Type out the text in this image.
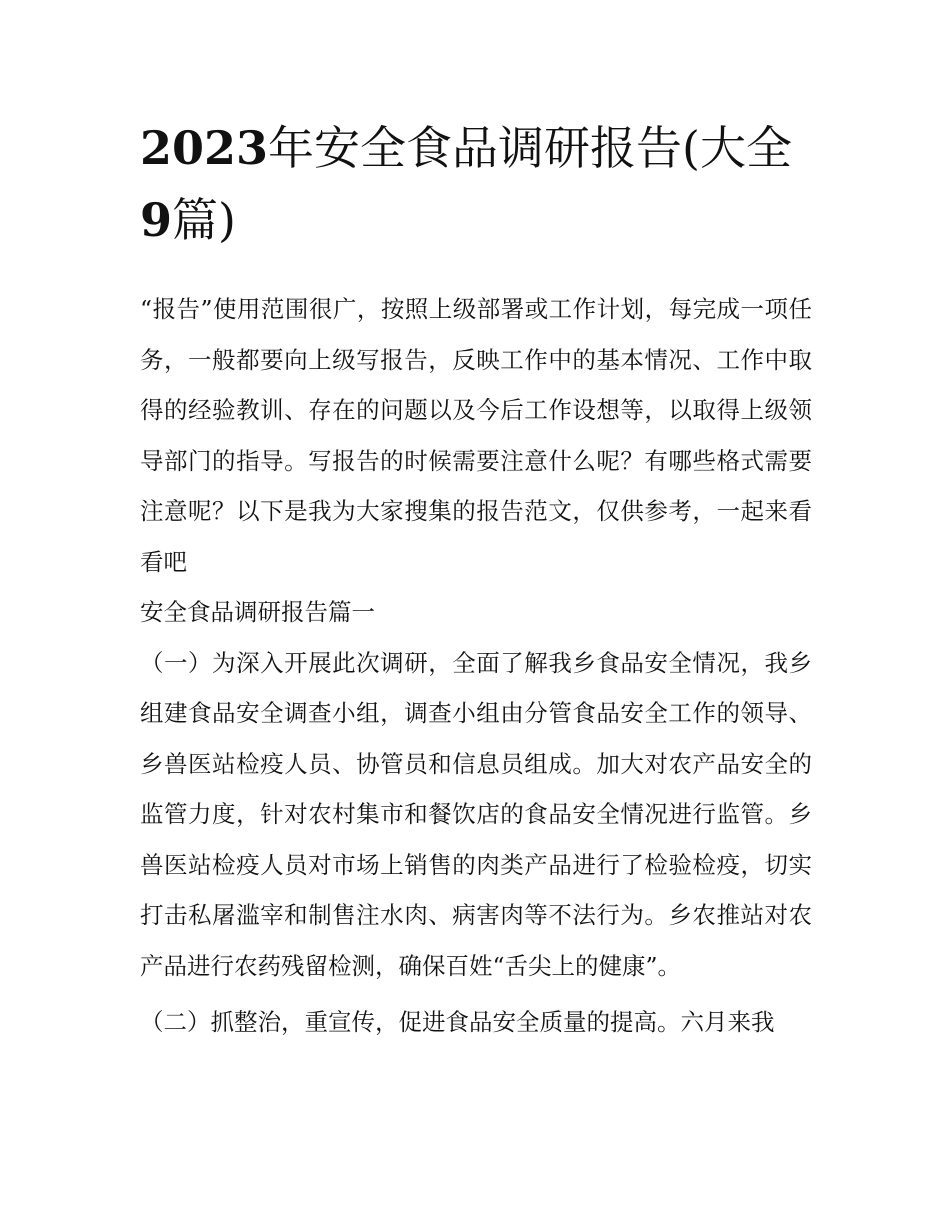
2023年安全食品调研报告(大全9篇)

“报告”使用范围很广，按照上级部署或工作计划，每完成一项任务，一般都要向上级写报告，反映工作中的基本情况、工作中取得的经验教训、存在的问题以及今后工作设想等，以取得上级领导部门的指导。写报告的时候需要注意什么呢？有哪些格式需要注意呢？以下是我为大家搜集的报告范文，仅供参考，一起来看看吧

安全食品调研报告篇一

（一）为深入开展此次调研，全面了解我乡食品安全情况，我乡组建食品安全调查小组，调查小组由分管食品安全工作的领导、乡兽医站检疫人员、协管员和信息员组成。加大对农产品安全的监管力度，针对农村集市和餐饮店的食品安全情况进行监管。乡兽医站检疫人员对市场上销售的肉类产品进行了检验检疫，切实打击私屠滥宰和制售注水肉、病害肉等不法行为。乡农推站对农产品进行农药残留检测，确保百姓“舌尖上的健康”。

（二）抓整治，重宣传，促进食品安全质量的提高。六月来我
